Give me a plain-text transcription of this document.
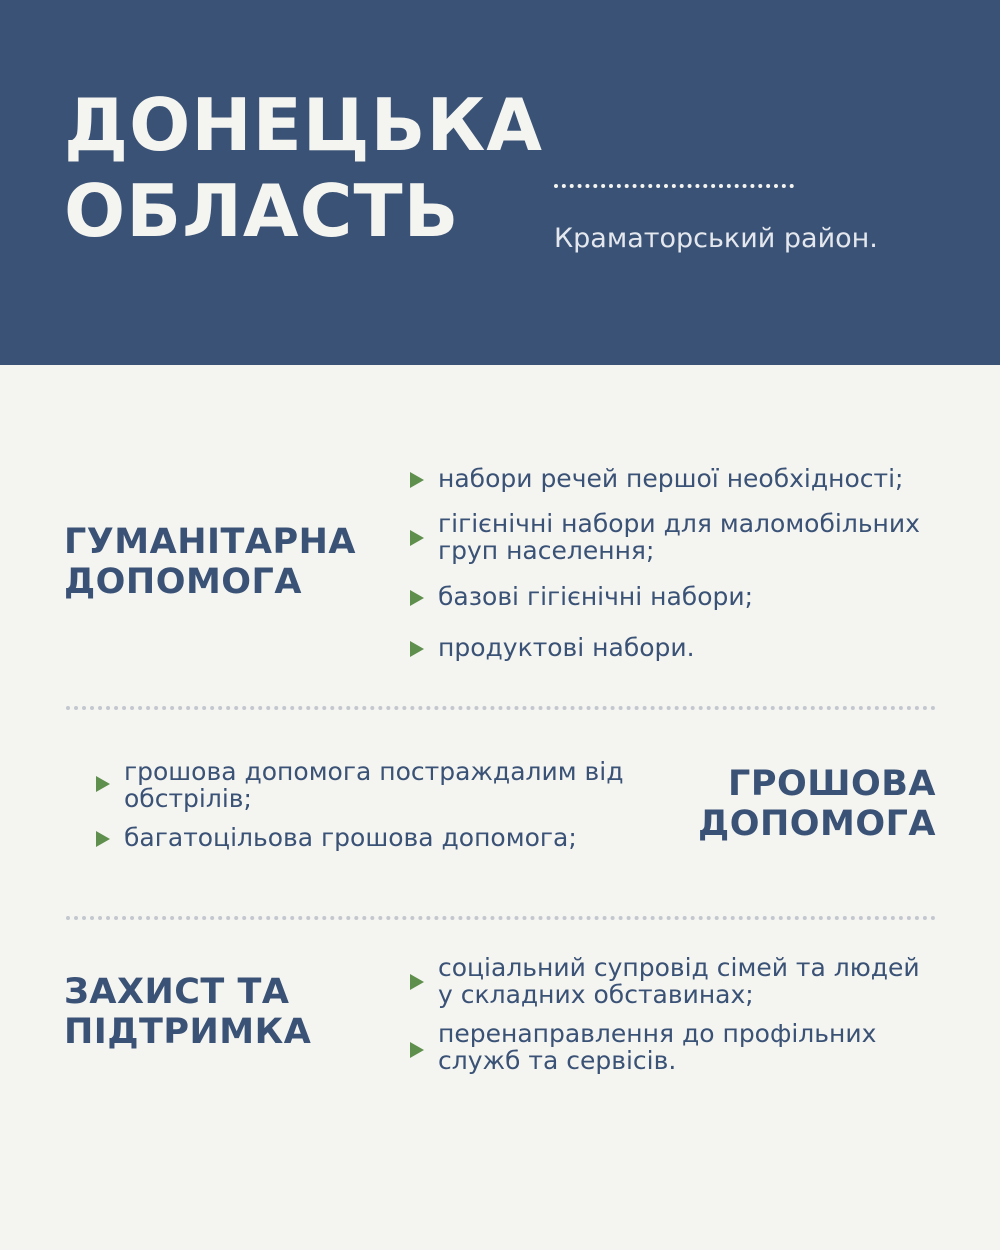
ДОНЕЦЬКА
ОБЛАСТЬ	Краматорський район.
ГУМАНІТАРНА
ДОПОМОГА
набори речей першої необхідності;
гігієнічні набори для маломобільних груп населення;
базові гігієнічні набори;
продуктові набори.
грошова допомога постраждалим від обстрілів;
багатоцільова грошова допомога;
ГРОШОВА
ДОПОМОГА
ЗАХИСТ ТА
ПІДТРИМКА
соціальний супровід сімей та людей у складних обставинах;
перенаправлення до профільних служб та сервісів.
